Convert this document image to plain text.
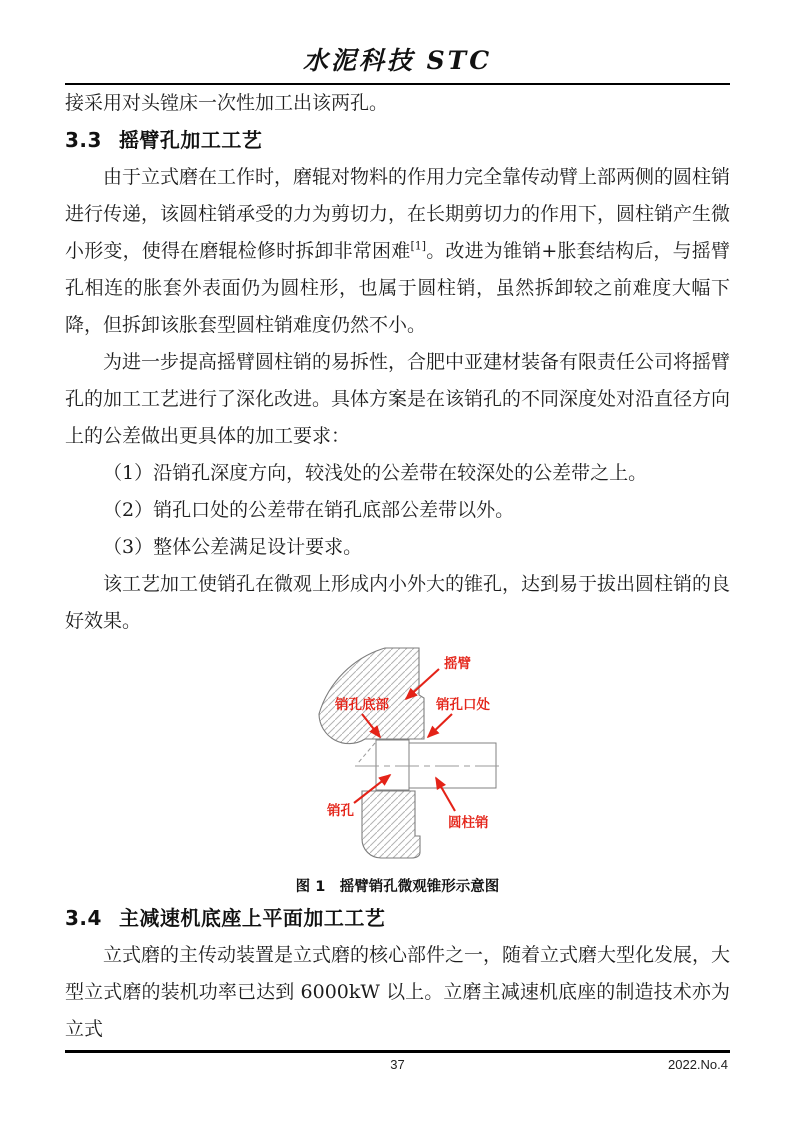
水泥科技 STC

接采用对头镗床一次性加工出该两孔。

3.3 摇臂孔加工工艺

由于立式磨在工作时，磨辊对物料的作用力完全靠传动臂上部两侧的圆柱销进行传递，该圆柱销承受的力为剪切力，在长期剪切力的作用下，圆柱销产生微小形变，使得在磨辊检修时拆卸非常困难[1]。改进为锥销+胀套结构后，与摇臂孔相连的胀套外表面仍为圆柱形，也属于圆柱销，虽然拆卸较之前难度大幅下降，但拆卸该胀套型圆柱销难度仍然不小。

为进一步提高摇臂圆柱销的易拆性，合肥中亚建材装备有限责任公司将摇臂孔的加工工艺进行了深化改进。具体方案是在该销孔的不同深度处对沿直径方向上的公差做出更具体的加工要求：

（1）沿销孔深度方向，较浅处的公差带在较深处的公差带之上。

（2）销孔口处的公差带在销孔底部公差带以外。

（3）整体公差满足设计要求。

该工艺加工使销孔在微观上形成内小外大的锥孔，达到易于拔出圆柱销的良好效果。

摇臂
销孔底部	销孔口处
销孔
圆柱销
图 1　摇臂销孔微观锥形示意图
3.4 主减速机底座上平面加工工艺

立式磨的主传动装置是立式磨的核心部件之一，随着立式磨大型化发展，大型立式磨的装机功率已达到 6000kW 以上。立磨主减速机底座的制造技术亦为立式

37	2022.No.4
